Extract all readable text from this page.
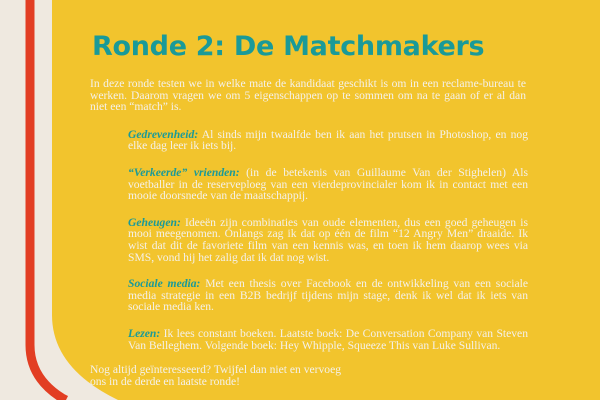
Ronde 2: De Matchmakers

In deze ronde testen we in welke mate de kandidaat geschikt is om in een reclame-bureau te werken. Daarom vragen we om 5 eigenschappen op te sommen om na te gaan of er al dan niet een “match” is.

Gedrevenheid: Al sinds mijn twaalfde ben ik aan het prutsen in Photoshop, en nog elke dag leer ik iets bij.

“Verkeerde” vrienden: (in de betekenis van Guillaume Van der Stighelen) Als voetballer in de reserveploeg van een vierdeprovincialer kom ik in contact met een mooie doorsnede van de maatschappij.

Geheugen: Ideeën zijn combinaties van oude elementen, dus een goed geheugen is mooi meegenomen. Onlangs zag ik dat op één de film “12 Angry Men” draaide. Ik wist dat dit de favoriete film van een kennis was, en toen ik hem daarop wees via SMS, vond hij het zalig dat ik dat nog wist.

Sociale media: Met een thesis over Facebook en de ontwikkeling van een sociale media strategie in een B2B bedrijf tijdens mijn stage, denk ik wel dat ik iets van sociale media ken.

Lezen: Ik lees constant boeken. Laatste boek: De Conversation Company van Steven Van Belleghem. Volgende boek: Hey Whipple, Squeeze This van Luke Sullivan.

Nog altijd geïnteresseerd? Twijfel dan niet en vervoeg ons in de derde en laatste ronde!
